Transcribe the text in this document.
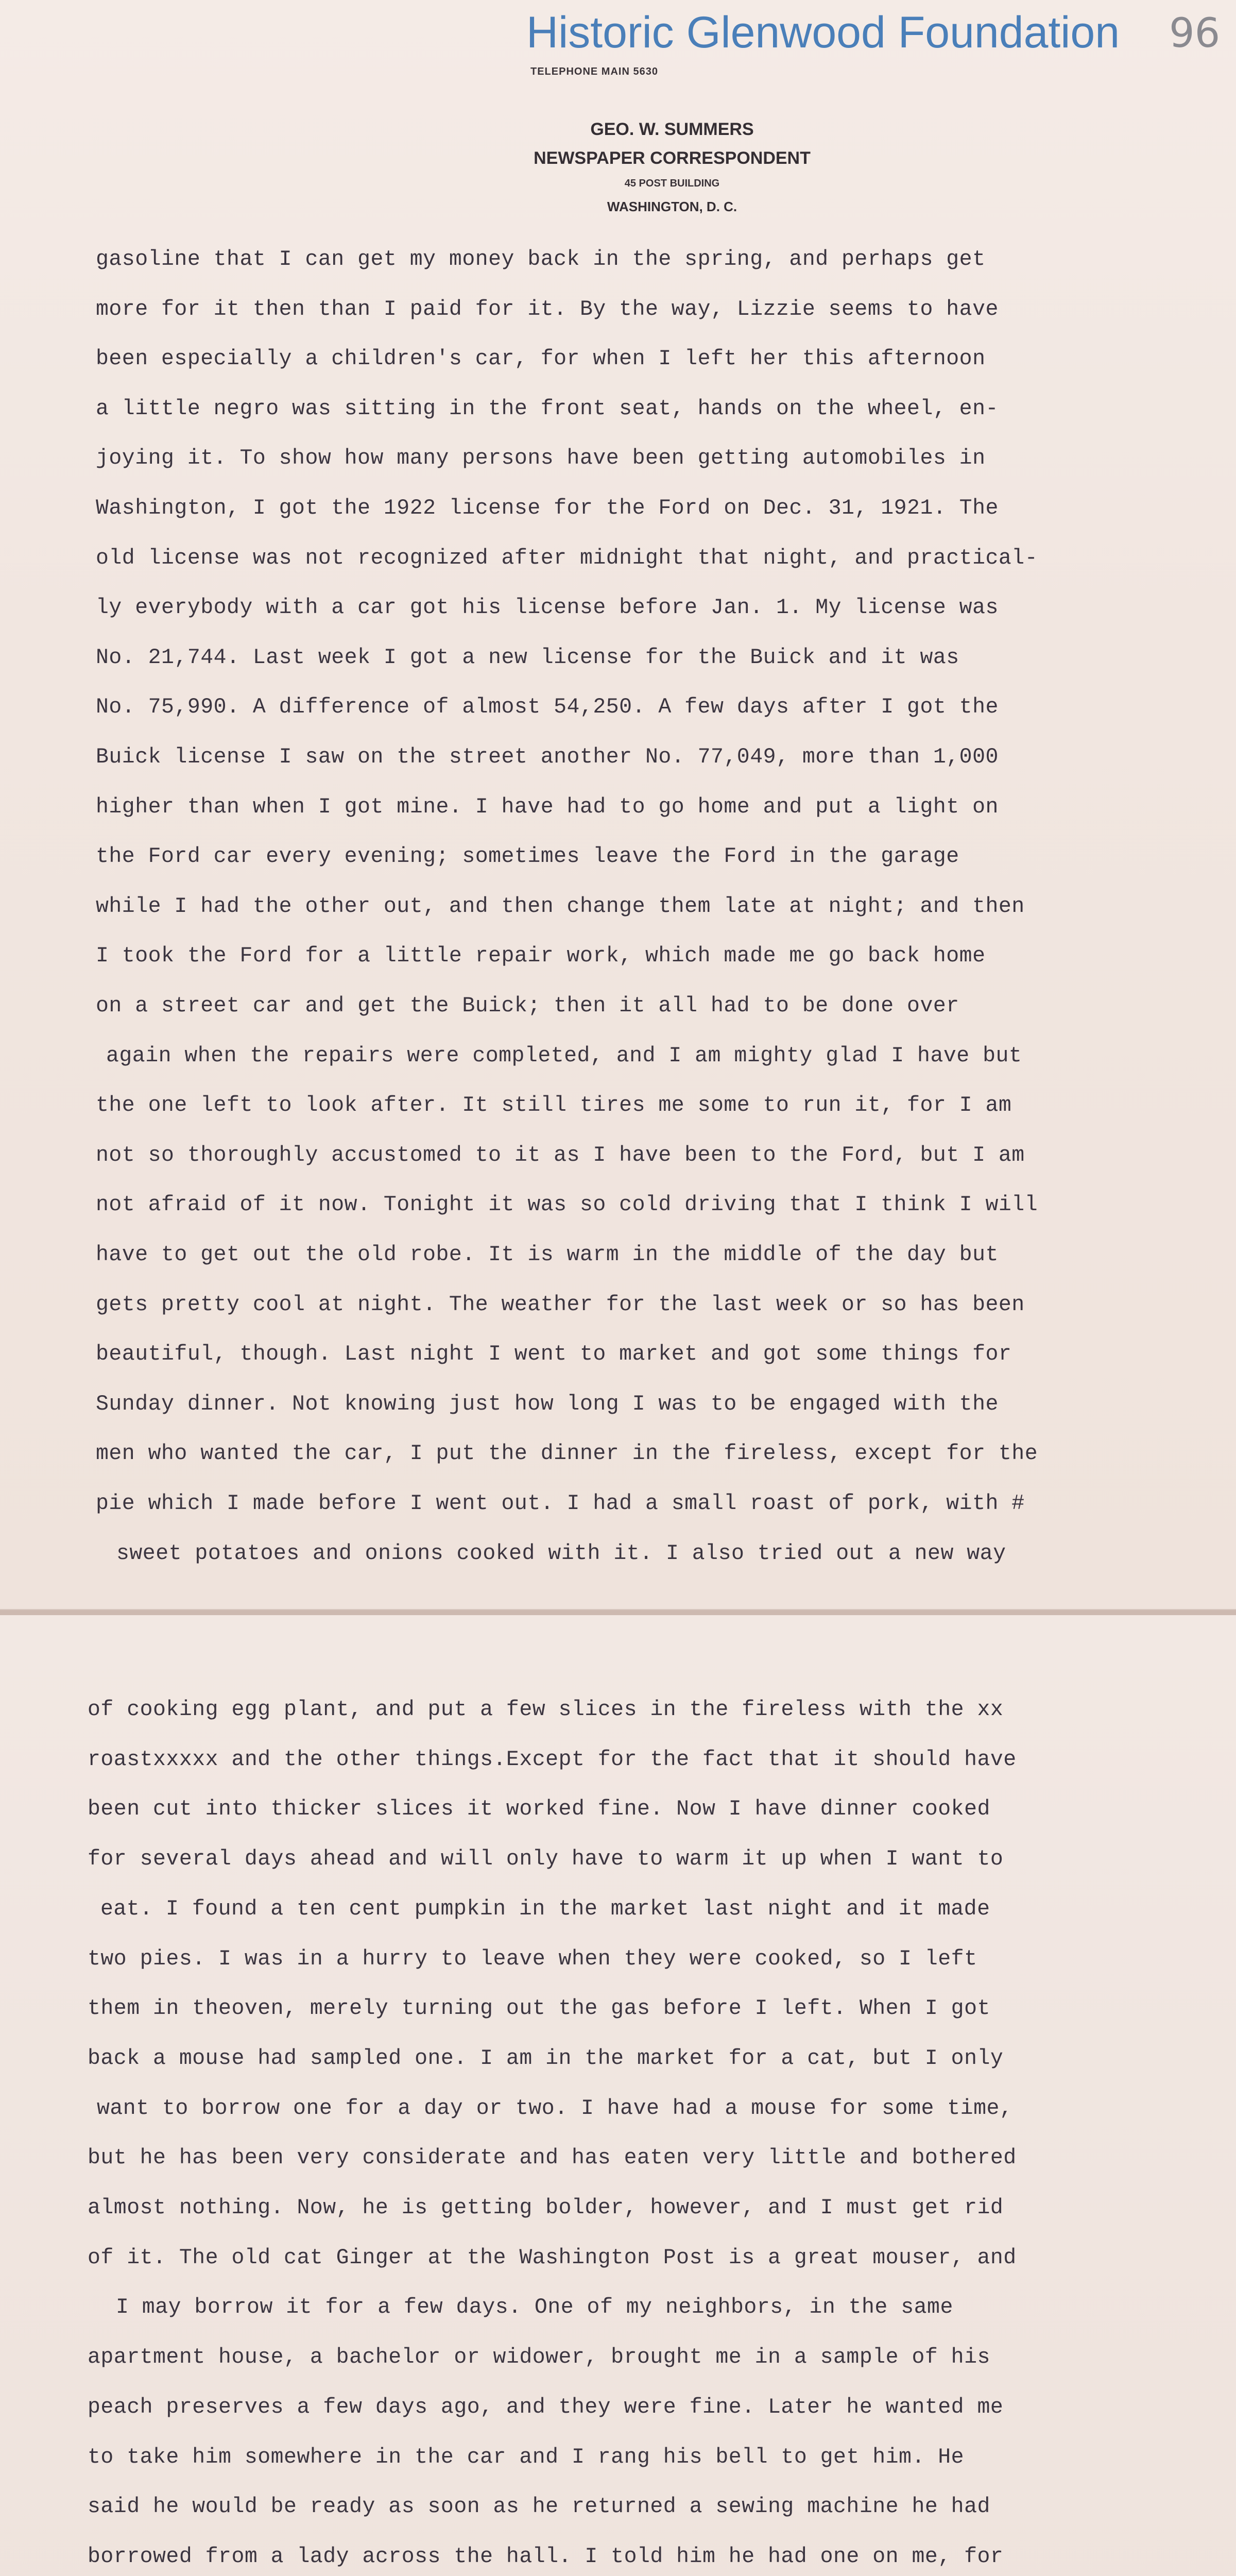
Historic Glenwood Foundation 96
TELEPHONE MAIN 5630
GEO. W. SUMMERS
NEWSPAPER CORRESPONDENT
45 POST BUILDING
WASHINGTON, D. C.
gasoline that I can get my money back in the spring, and perhaps get
more for it then than I paid for it. By the way, Lizzie seems to have
been especially a children's car, for when I left her this afternoon
a little negro was sitting in the front seat, hands on the wheel, en-
joying it. To show how many persons have been getting automobiles in
Washington, I got the 1922 license for the Ford on Dec. 31, 1921. The
old license was not recognized after midnight that night, and practical-
ly everybody with a car got his license before Jan. 1. My license was
No. 21,744. Last week I got a new license for the Buick and it was
No. 75,990. A difference of almost 54,250. A few days after I got the
Buick license I saw on the street another No. 77,049, more than 1,000
higher than when I got mine. I have had to go home and put a light on
the Ford car every evening; sometimes leave the Ford in the garage
while I had the other out, and then change them late at night; and then
I took the Ford for a little repair work, which made me go back home
on a street car and get the Buick; then it all had to be done over
again when the repairs were completed, and I am mighty glad I have but
the one left to look after. It still tires me some to run it, for I am
not so thoroughly accustomed to it as I have been to the Ford, but I am
not afraid of it now. Tonight it was so cold driving that I think I will
have to get out the old robe. It is warm in the middle of the day but
gets pretty cool at night. The weather for the last week or so has been
beautiful, though. Last night I went to market and got some things for
Sunday dinner. Not knowing just how long I was to be engaged with the
men who wanted the car, I put the dinner in the fireless, except for the
pie which I made before I went out. I had a small roast of pork, with #
sweet potatoes and onions cooked with it. I also tried out a new way
of cooking egg plant, and put a few slices in the fireless with the xx
roastxxxxx and the other things.Except for the fact that it should have
been cut into thicker slices it worked fine. Now I have dinner cooked
for several days ahead and will only have to warm it up when I want to
eat. I found a ten cent pumpkin in the market last night and it made
two pies. I was in a hurry to leave when they were cooked, so I left
them in theoven, merely turning out the gas before I left. When I got
back a mouse had sampled one. I am in the market for a cat, but I only
want to borrow one for a day or two. I have had a mouse for some time,
but he has been very considerate and has eaten very little and bothered
almost nothing. Now, he is getting bolder, however, and I must get rid
of it. The old cat Ginger at the Washington Post is a great mouser, and
I may borrow it for a few days. One of my neighbors, in the same
apartment house, a bachelor or widower, brought me in a sample of his
peach preserves a few days ago, and they were fine. Later he wanted me
to take him somewhere in the car and I rang his bell to get him. He
said he would be ready as soon as he returned a sewing machine he had
borrowed from a lady across the hall. I told him he had one on me, for
